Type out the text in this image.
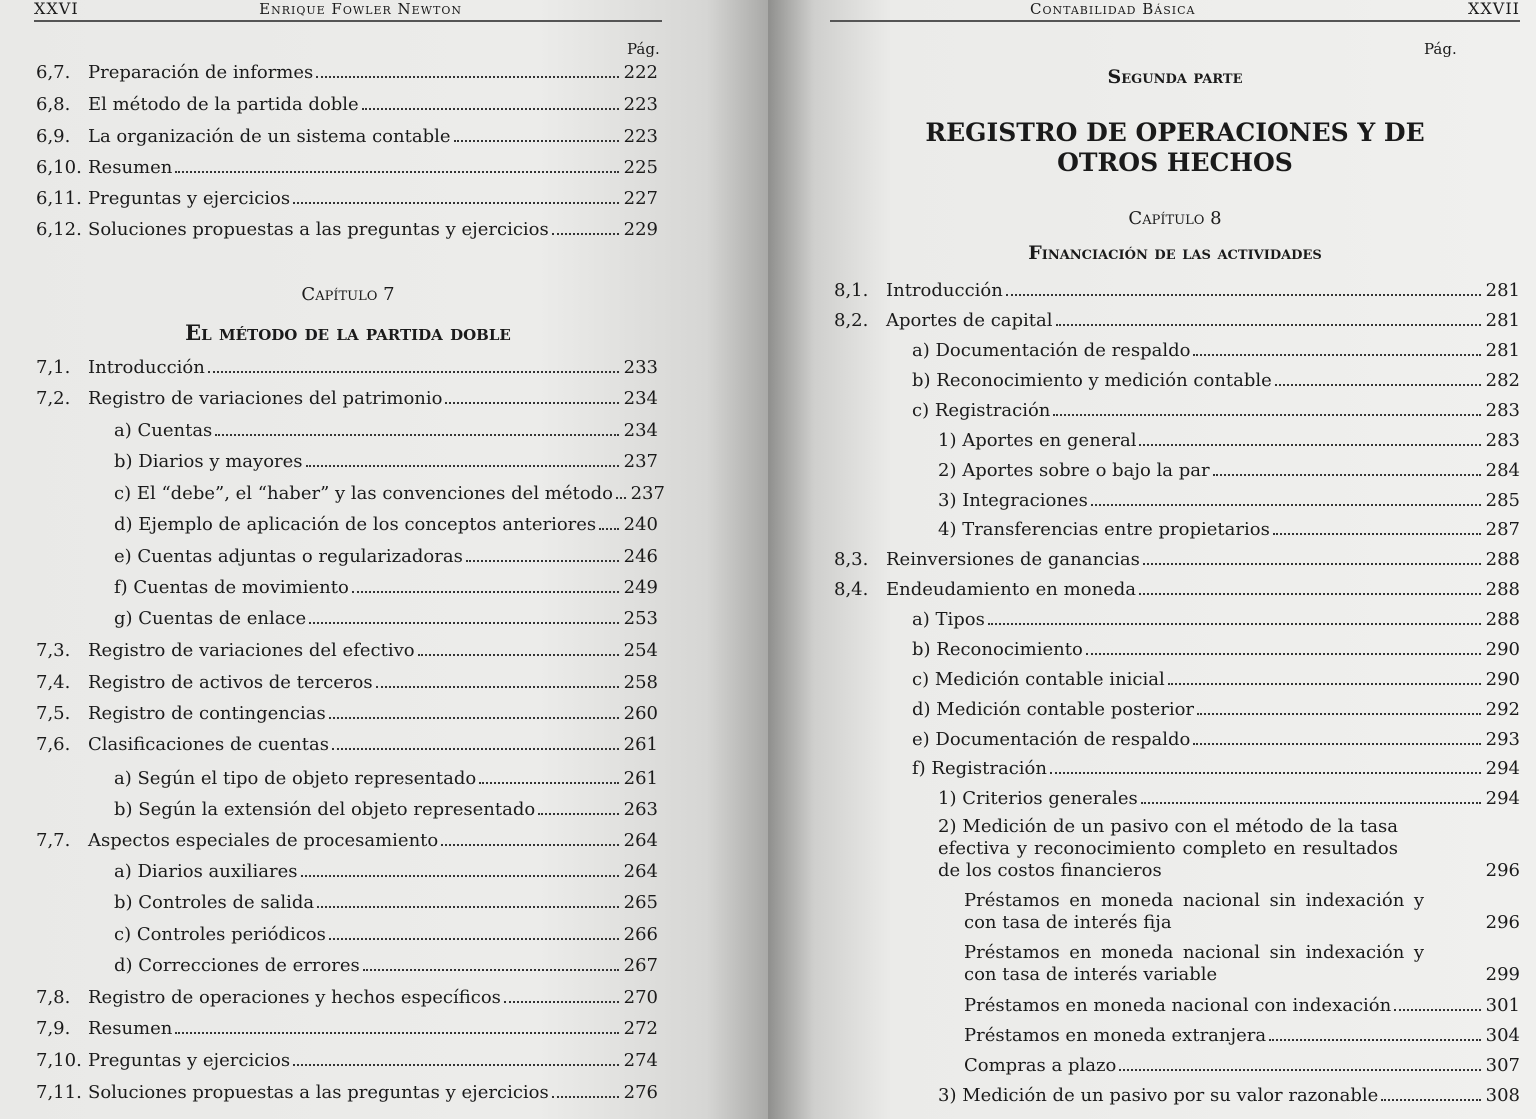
XXVI	Enrique Fowler Newton
Pág.
Capítulo 7
El método de la partida doble
6,7. Preparación de informes	222
6,8. El método de la partida doble	223
6,9. La organización de un sistema contable	223
6,10. Resumen	225
6,11. Preguntas y ejercicios	227
6,12. Soluciones propuestas a las preguntas y ejercicios	229
7,1. Introducción	233
7,2. Registro de variaciones del patrimonio	234
a) Cuentas	234
b) Diarios y mayores	237
c) El “debe”, el “haber” y las convenciones del método 237
d) Ejemplo de aplicación de los conceptos anteriores 240
e) Cuentas adjuntas o regularizadoras	246
f) Cuentas de movimiento	249
g) Cuentas de enlace	253
7,3. Registro de variaciones del efectivo	254
7,4. Registro de activos de terceros	258
7,5. Registro de contingencias	260
7,6. Clasificaciones de cuentas	261
a) Según el tipo de objeto representado	261
b) Según la extensión del objeto representado	263
7,7. Aspectos especiales de procesamiento	264
a) Diarios auxiliares	264
b) Controles de salida	265
c) Controles periódicos	266
d) Correcciones de errores	267
7,8. Registro de operaciones y hechos específicos	270
7,9. Resumen	272
7,10. Preguntas y ejercicios	274
7,11. Soluciones propuestas a las preguntas y ejercicios	276
Contabilidad Básica	XXVII
Pág.
Segunda parte
REGISTRO DE OPERACIONES Y DE
OTROS HECHOS
Capítulo 8
Financiación de las actividades
8,1. Introducción	281
8,2. Aportes de capital	281
a) Documentación de respaldo	281
b) Reconocimiento y medición contable	282
c) Registración	283
1) Aportes en general	283
2) Aportes sobre o bajo la par	284
3) Integraciones	285
4) Transferencias entre propietarios	287
8,3. Reinversiones de ganancias	288
8,4. Endeudamiento en moneda	288
a) Tipos	288
b) Reconocimiento	290
c) Medición contable inicial	290
d) Medición contable posterior	292
e) Documentación de respaldo	293
f) Registración	294
1) Criterios generales	294
2) Medición de un pasivo con el método de la tasa efectiva y reconocimiento completo en resultados de los costos financieros	296
Préstamos en moneda nacional sin indexación y con tasa de interés fija	296
Préstamos en moneda nacional sin indexación y con tasa de interés variable	299
Préstamos en moneda nacional con indexación	301
Préstamos en moneda extranjera	304
Compras a plazo	307
3) Medición de un pasivo por su valor razonable	308
